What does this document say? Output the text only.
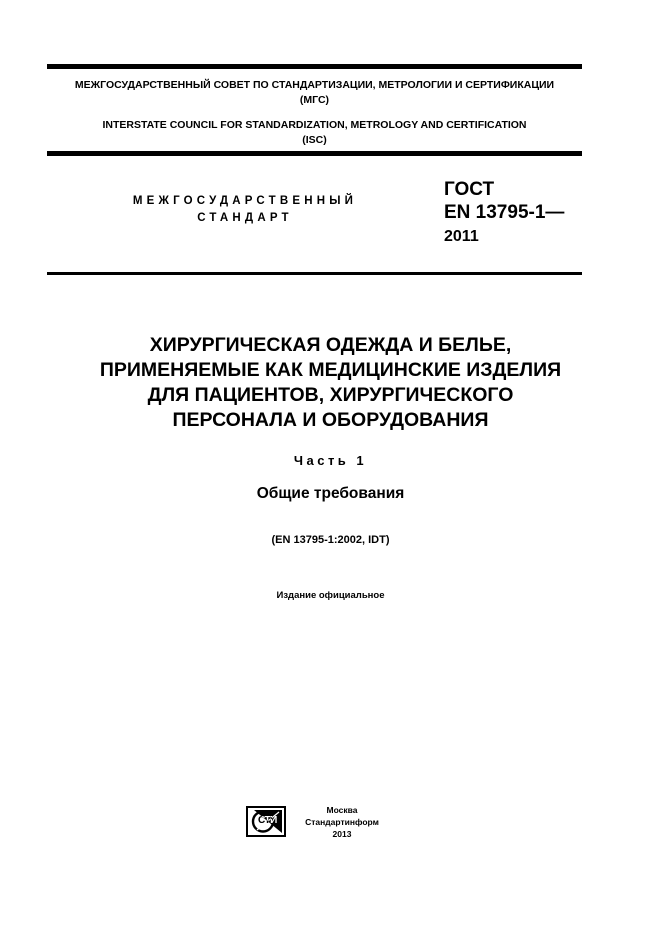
МЕЖГОСУДАРСТВЕННЫЙ СОВЕТ ПО СТАНДАРТИЗАЦИИ, МЕТРОЛОГИИ И СЕРТИФИКАЦИИ
(МГС)
INTERSTATE COUNCIL FOR STANDARDIZATION, METROLOGY AND CERTIFICATION
(ISC)
МЕЖГОСУДАРСТВЕННЫЙ
СТАНДАРТ
ГОСТ
EN 13795-1—
2011
ХИРУРГИЧЕСКАЯ ОДЕЖДА И БЕЛЬЕ,
ПРИМЕНЯЕМЫЕ КАК МЕДИЦИНСКИЕ ИЗДЕЛИЯ
ДЛЯ ПАЦИЕНТОВ, ХИРУРГИЧЕСКОГО
ПЕРСОНАЛА И ОБОРУДОВАНИЯ
Часть 1
Общие требования
(EN 13795-1:2002, IDT)
Издание официальное
СТИ
Москва
Стандартинформ
2013
